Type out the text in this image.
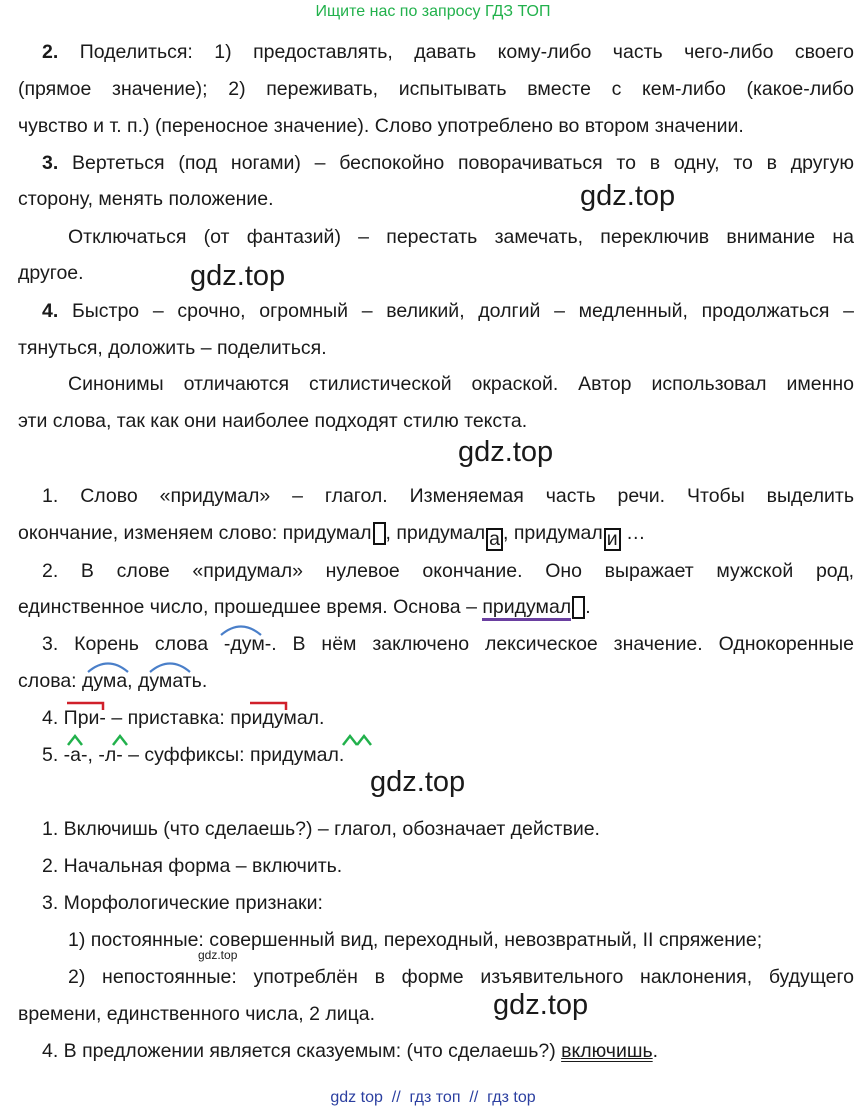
Ищите нас по запросу ГДЗ ТОП
2. Поделиться: 1) предоставлять, давать кому-либо часть чего-либо своего
(прямое значение); 2) переживать, испытывать вместе с кем-либо (какое-либо
чувство и т. п.) (переносное значение). Слово употреблено во втором значении.
3. Вертеться (под ногами) – беспокойно поворачиваться то в одну, то в другую
сторону, менять положение.
Отключаться (от фантазий) – перестать замечать, переключив внимание на
другое.
4. Быстро – срочно, огромный – великий, долгий – медленный, продолжаться –
тянуться, доложить – поделиться.
Синонимы отличаются стилистической окраской. Автор использовал именно
эти слова, так как они наиболее подходят стилю текста.
1. Слово «придумал» – глагол. Изменяемая часть речи. Чтобы выделить
окончание, изменяем слово: придумал , придумал а , придумал и …
2. В слове «придумал» нулевое окончание. Оно выражает мужской род,
единственное число, прошедшее время. Основа – придумал .
3. Корень слова -дум-. В нём заключено лексическое значение. Однокоренные
слова: дума, думать.
4. При- – приставка: придумал.
5. -а-, -л- – суффиксы: придумал.
1. Включишь (что сделаешь?) – глагол, обозначает действие.
2. Начальная форма – включить.
3. Морфологические признаки:
1) постоянные: совершенный вид, переходный, невозвратный, II спряжение;
2) непостоянные: употреблён в форме изъявительного наклонения, будущего
времени, единственного числа, 2 лица.
4. В предложении является сказуемым: (что сделаешь?) включишь.
gdz.top
gdz.top
gdz.top
gdz.top
gdz.top
gdz.top
gdz top  //  гдз топ  //  гдз top
